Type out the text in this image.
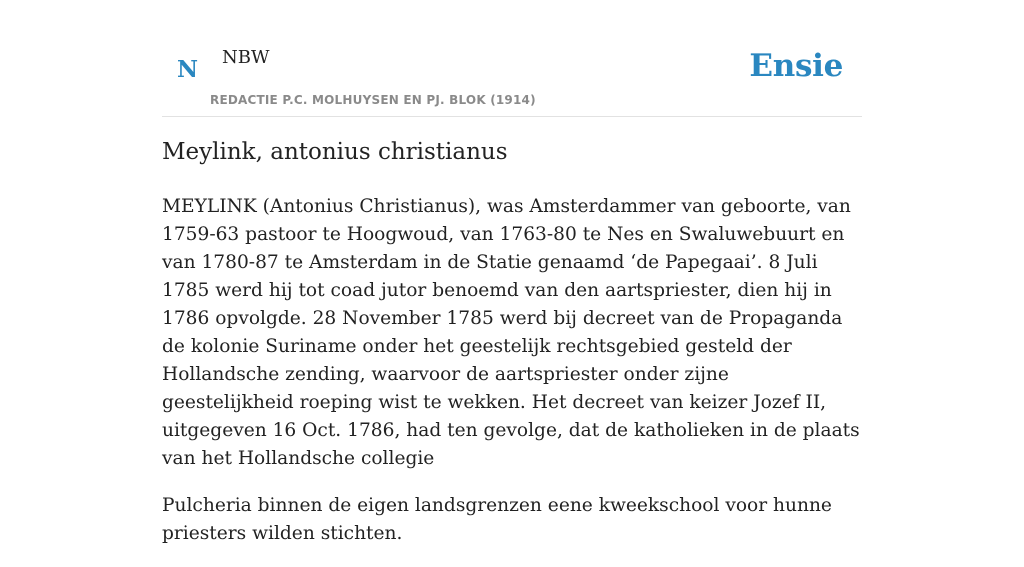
N NBW
REDACTIE P.C. MOLHUYSEN EN PJ. BLOK (1914)
Ensie
Meylink, antonius christianus

MEYLINK (Antonius Christianus), was Amsterdammer van geboorte, van 1759-63 pastoor te Hoogwoud, van 1763-80 te Nes en Swaluwebuurt en van 1780-87 te Amsterdam in de Statie genaamd ‘de Papegaai’. 8 Juli 1785 werd hij tot coad jutor benoemd van den aartspriester, dien hij in 1786 opvolgde. 28 November 1785 werd bij decreet van de Propaganda de kolonie Suriname onder het geestelijk rechtsgebied gesteld der Hollandsche zending, waarvoor de aartspriester onder zijne geestelijkheid roeping wist te wekken. Het decreet van keizer Jozef II, uitgegeven 16 Oct. 1786, had ten gevolge, dat de katholieken in de plaats van het Hollandsche collegie

Pulcheria binnen de eigen landsgrenzen eene kweekschool voor hunne priesters wilden stichten.
